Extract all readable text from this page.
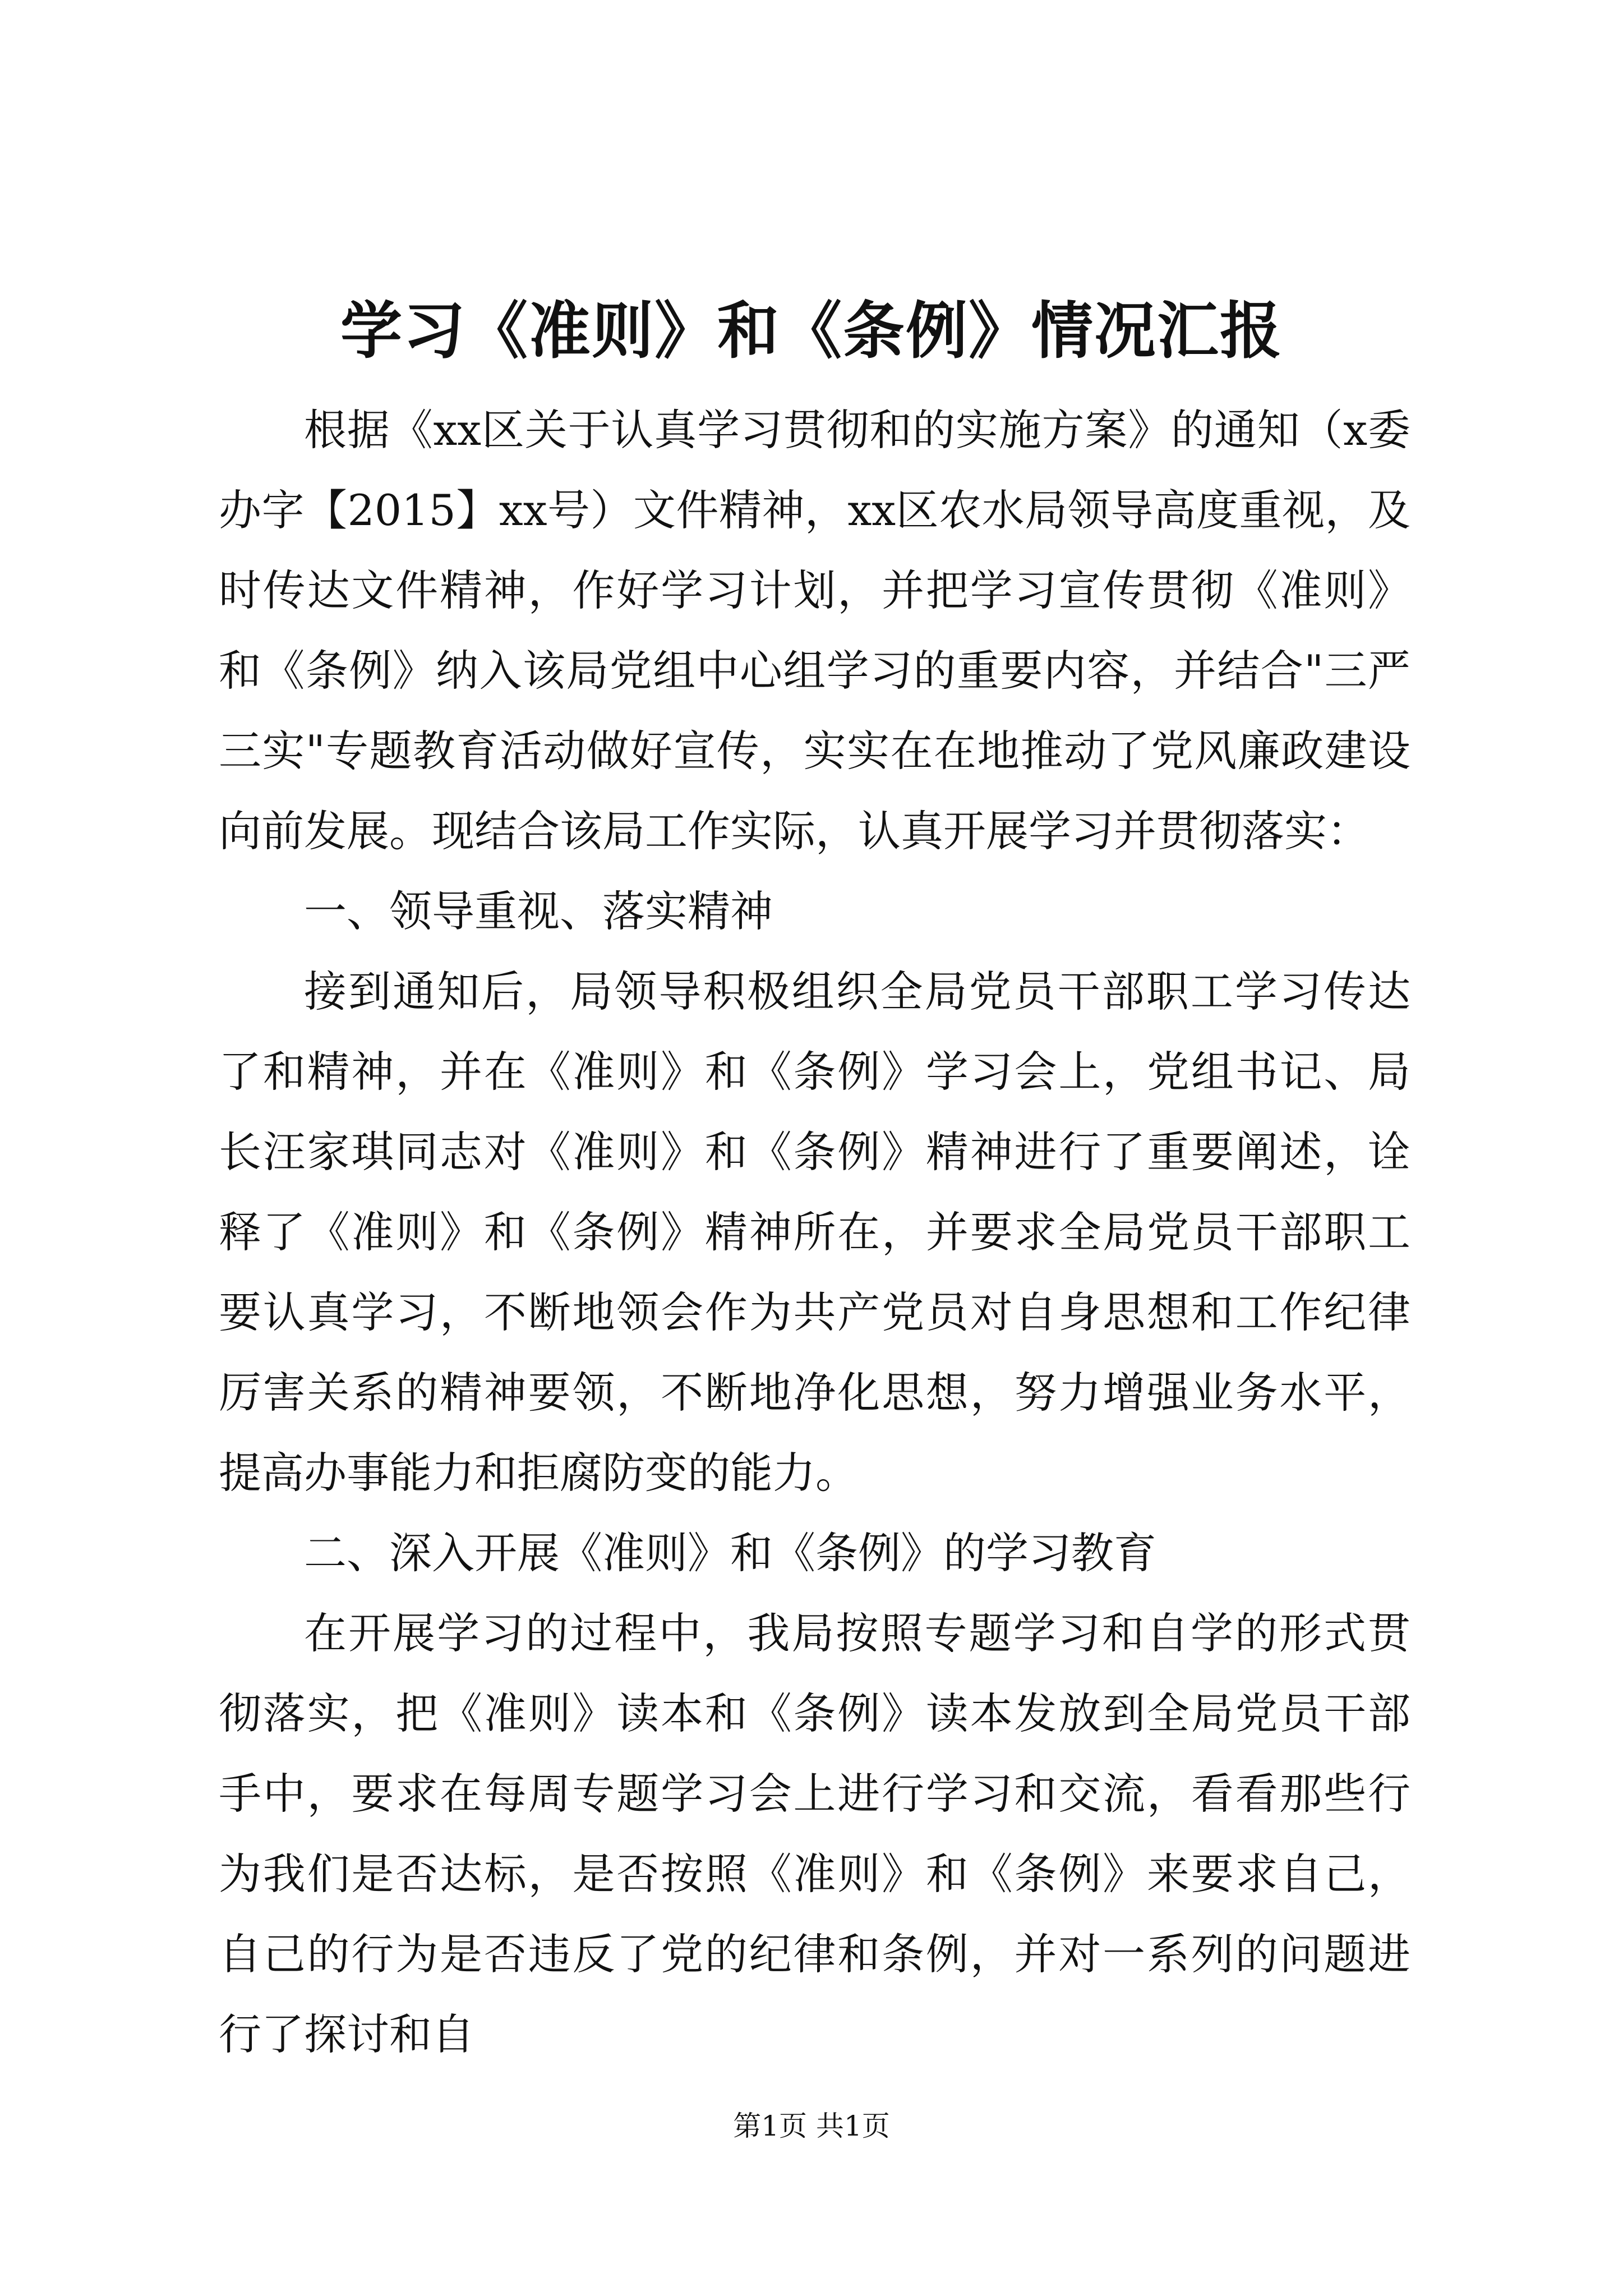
学习《准则》和《条例》情况汇报

根据《xx区关于认真学习贯彻和的实施方案》的通知（x委办字【2015】xx号）文件精神，xx区农水局领导高度重视，及时传达文件精神，作好学习计划，并把学习宣传贯彻《准则》和《条例》纳入该局党组中心组学习的重要内容，并结合"三严三实"专题教育活动做好宣传，实实在在地推动了党风廉政建设向前发展。现结合该局工作实际，认真开展学习并贯彻落实：

一、领导重视、落实精神

接到通知后，局领导积极组织全局党员干部职工学习传达了和精神，并在《准则》和《条例》学习会上，党组书记、局长汪家琪同志对《准则》和《条例》精神进行了重要阐述，诠释了《准则》和《条例》精神所在，并要求全局党员干部职工要认真学习，不断地领会作为共产党员对自身思想和工作纪律厉害关系的精神要领，不断地净化思想，努力增强业务水平，提高办事能力和拒腐防变的能力。

二、深入开展《准则》和《条例》的学习教育

在开展学习的过程中，我局按照专题学习和自学的形式贯彻落实，把《准则》读本和《条例》读本发放到全局党员干部手中，要求在每周专题学习会上进行学习和交流，看看那些行为我们是否达标，是否按照《准则》和《条例》来要求自己，自己的行为是否违反了党的纪律和条例，并对一系列的问题进行了探讨和自

第1页 共1页
